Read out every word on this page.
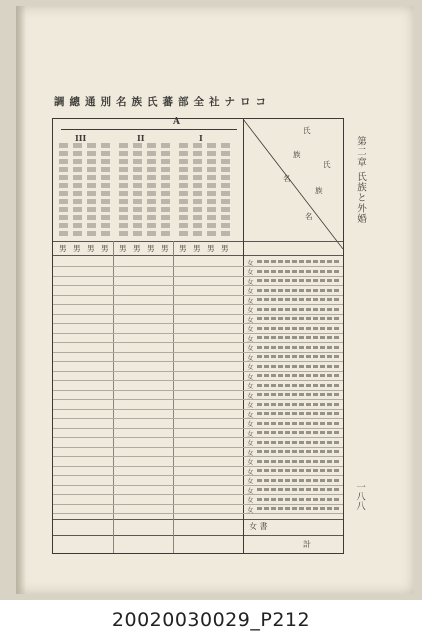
調總通別名族氏蕃部全社ナロコ
第二章 氏族と外婚
一八八
A
III	II	I
氏
族
名
氏
族
名
男 男 男 男 男 男 男 男 男 男 男 男
女 書
計
女
女
女
女
女
女
女
女
女
女
女
女
女
女
女
女
女
女
女
女
女
女
女
女
女
女
女
20020030029_P212
